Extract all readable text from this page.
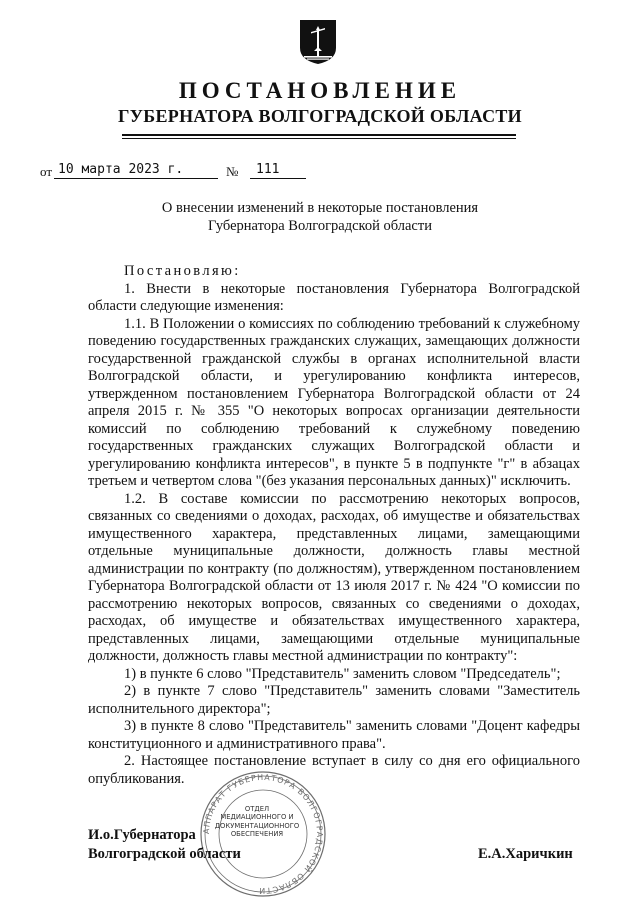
ПОСТАНОВЛЕНИЕ
ГУБЕРНАТОРА ВОЛГОГРАДСКОЙ ОБЛАСТИ
от 10 марта 2023 г.	№	111
О внесении изменений в некоторые постановления
Губернатора Волгоградской области

Постановляю:

1. Внести в некоторые постановления Губернатора Волгоградской области следующие изменения:

1.1. В Положении о комиссиях по соблюдению требований к служебному поведению государственных гражданских служащих, замещающих должности государственной гражданской службы в органах исполнительной власти Волгоградской области, и урегулированию конфликта интересов, утвержденном постановлением Губернатора Волгоградской области от 24 апреля 2015 г. № 355 "О некоторых вопросах организации деятельности комиссий по соблюдению требований к служебному поведению государственных гражданских служащих Волгоградской области и урегулированию конфликта интересов", в пункте 5 в подпункте "г" в абзацах третьем и четвертом слова "(без указания персональных данных)" исключить.

1.2. В составе комиссии по рассмотрению некоторых вопросов, связанных со сведениями о доходах, расходах, об имуществе и обязательствах имущественного характера, представленных лицами, замещающими отдельные муниципальные должности, должность главы местной администрации по контракту (по должностям), утвержденном постановлением Губернатора Волгоградской области от 13 июля 2017 г. № 424 "О комиссии по рассмотрению некоторых вопросов, связанных со сведениями о доходах, расходах, об имуществе и обязательствах имущественного характера, представленных лицами, замещающими отдельные муниципальные должности, должность главы местной администрации по контракту":

1) в пункте 6 слово "Представитель" заменить словом "Председатель";

2) в пункте 7 слово "Представитель" заменить словами "Заместитель исполнительного директора";

3) в пункте 8 слово "Представитель" заменить словами "Доцент кафедры конституционного и административного права".

2. Настоящее постановление вступает в силу со дня его официального опубликования.

АППАРАТ ГУБЕРНАТОРА ВОЛГОГРАДСКОЙ ОБЛАСТИ
ОТДЕЛ
МЕДИАЦИОННОГО И
ДОКУМЕНТАЦИОННОГО
ОБЕСПЕЧЕНИЯ
И.о.Губернатора
Волгоградской области	Е.А.Харичкин
